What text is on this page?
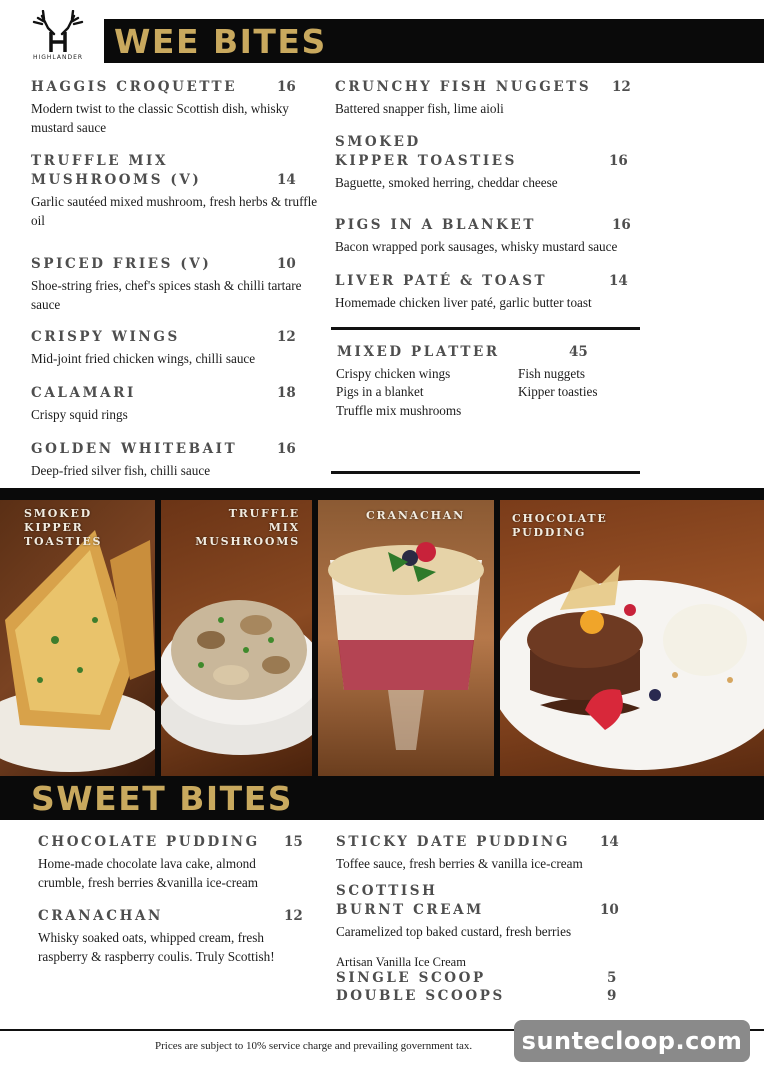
HIGHLANDER WEE BITES
HAGGIS CROQUETTE	16
Modern twist to the classic Scottish dish, whisky mustard sauce
TRUFFLE MIX
MUSHROOMS (V)	14
Garlic sautéed mixed mushroom, fresh herbs & truffle oil
SPICED FRIES (V)	10
Shoe-string fries, chef's spices stash & chilli tartare sauce
CRISPY WINGS	12
Mid-joint fried chicken wings, chilli sauce
CALAMARI	18
Crispy squid rings
GOLDEN WHITEBAIT	16
Deep-fried silver fish, chilli sauce
CRUNCHY FISH NUGGETS 12
Battered snapper fish, lime aioli
SMOKED
KIPPER TOASTIES	16
Baguette, smoked herring, cheddar cheese
PIGS IN A BLANKET	16
Bacon wrapped pork sausages, whisky mustard sauce
LIVER PATÉ & TOAST	14
Homemade chicken liver paté, garlic butter toast
MIXED PLATTER	45
Crispy chicken wings
Pigs in a blanket
Truffle mix mushrooms
Fish nuggets
Kipper toasties
SMOKED
KIPPER
TOASTIES
TRUFFLE
MIX
MUSHROOMS
CRANACHAN	CHOCOLATE
PUDDING
SWEET BITES
CHOCOLATE PUDDING 15
Home-made chocolate lava cake, almond crumble, fresh berries &vanilla ice-cream
CRANACHAN	12
Whisky soaked oats, whipped cream, fresh raspberry & raspberry coulis. Truly Scottish!
STICKY DATE PUDDING 14
Toffee sauce, fresh berries & vanilla ice-cream
SCOTTISH
BURNT CREAM	10
Caramelized top baked custard, fresh berries
Artisan Vanilla Ice Cream
SINGLE SCOOP	5
DOUBLE SCOOPS	9
Prices are subject to 10% service charge and prevailing government tax.	suntecloop.com
